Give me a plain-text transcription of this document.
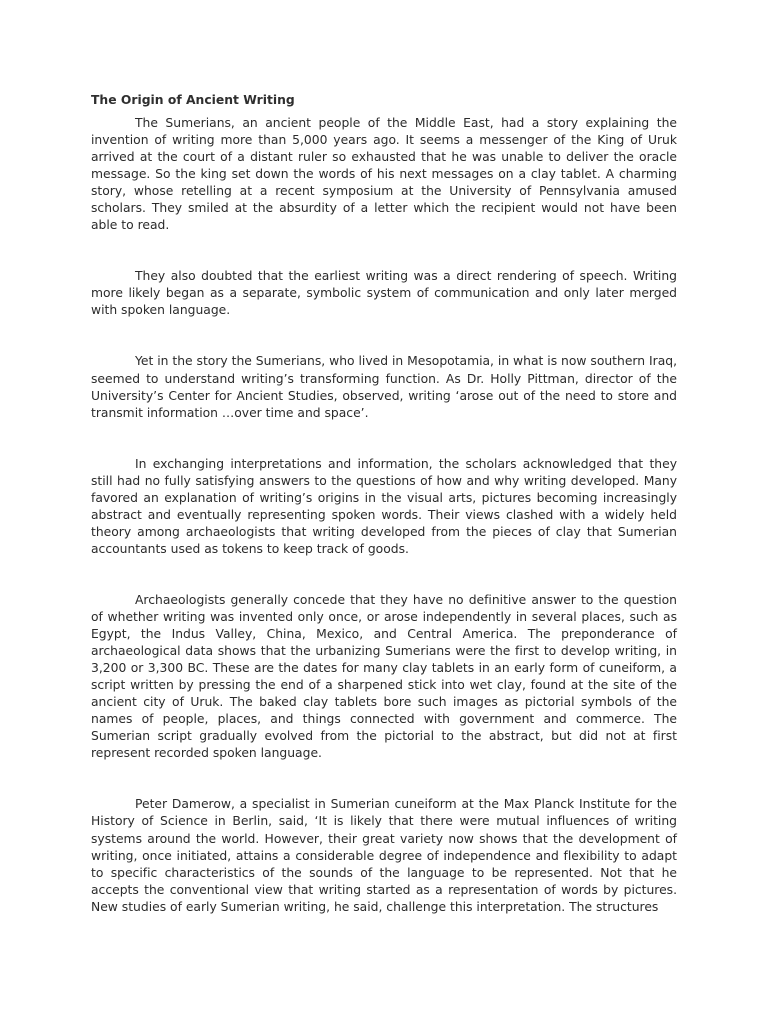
The Origin of Ancient Writing

The Sumerians, an ancient people of the Middle East, had a story explaining the invention of writing more than 5,000 years ago. It seems a messenger of the King of Uruk arrived at the court of a distant ruler so exhausted that he was unable to deliver the oracle message. So the king set down the words of his next messages on a clay tablet. A charming story, whose retelling at a recent symposium at the University of Pennsylvania amused scholars. They smiled at the absurdity of a letter which the recipient would not have been able to read.

They also doubted that the earliest writing was a direct rendering of speech. Writing more likely began as a separate, symbolic system of communication and only later merged with spoken language.

Yet in the story the Sumerians, who lived in Mesopotamia, in what is now southern Iraq, seemed to understand writing’s transforming function. As Dr. Holly Pittman, director of the University’s Center for Ancient Studies, observed, writing ‘arose out of the need to store and transmit information …over time and space’.

In exchanging interpretations and information, the scholars acknowledged that they still had no fully satisfying answers to the questions of how and why writing developed. Many favored an explanation of writing’s origins in the visual arts, pictures becoming increasingly abstract and eventually representing spoken words. Their views clashed with a widely held theory among archaeologists that writing developed from the pieces of clay that Sumerian accountants used as tokens to keep track of goods.

Archaeologists generally concede that they have no definitive answer to the question of whether writing was invented only once, or arose independently in several places, such as Egypt, the Indus Valley, China, Mexico, and Central America. The preponderance of archaeological data shows that the urbanizing Sumerians were the first to develop writing, in 3,200 or 3,300 BC. These are the dates for many clay tablets in an early form of cuneiform, a script written by pressing the end of a sharpened stick into wet clay, found at the site of the ancient city of Uruk. The baked clay tablets bore such images as pictorial symbols of the names of people, places, and things connected with government and commerce. The Sumerian script gradually evolved from the pictorial to the abstract, but did not at first represent recorded spoken language.

Peter Damerow, a specialist in Sumerian cuneiform at the Max Planck Institute for the History of Science in Berlin, said, ‘It is likely that there were mutual influences of writing systems around the world. However, their great variety now shows that the development of writing, once initiated, attains a considerable degree of independence and flexibility to adapt to specific characteristics of the sounds of the language to be represented. Not that he accepts the conventional view that writing started as a representation of words by pictures. New studies of early Sumerian writing, he said, challenge this interpretation. The structures
